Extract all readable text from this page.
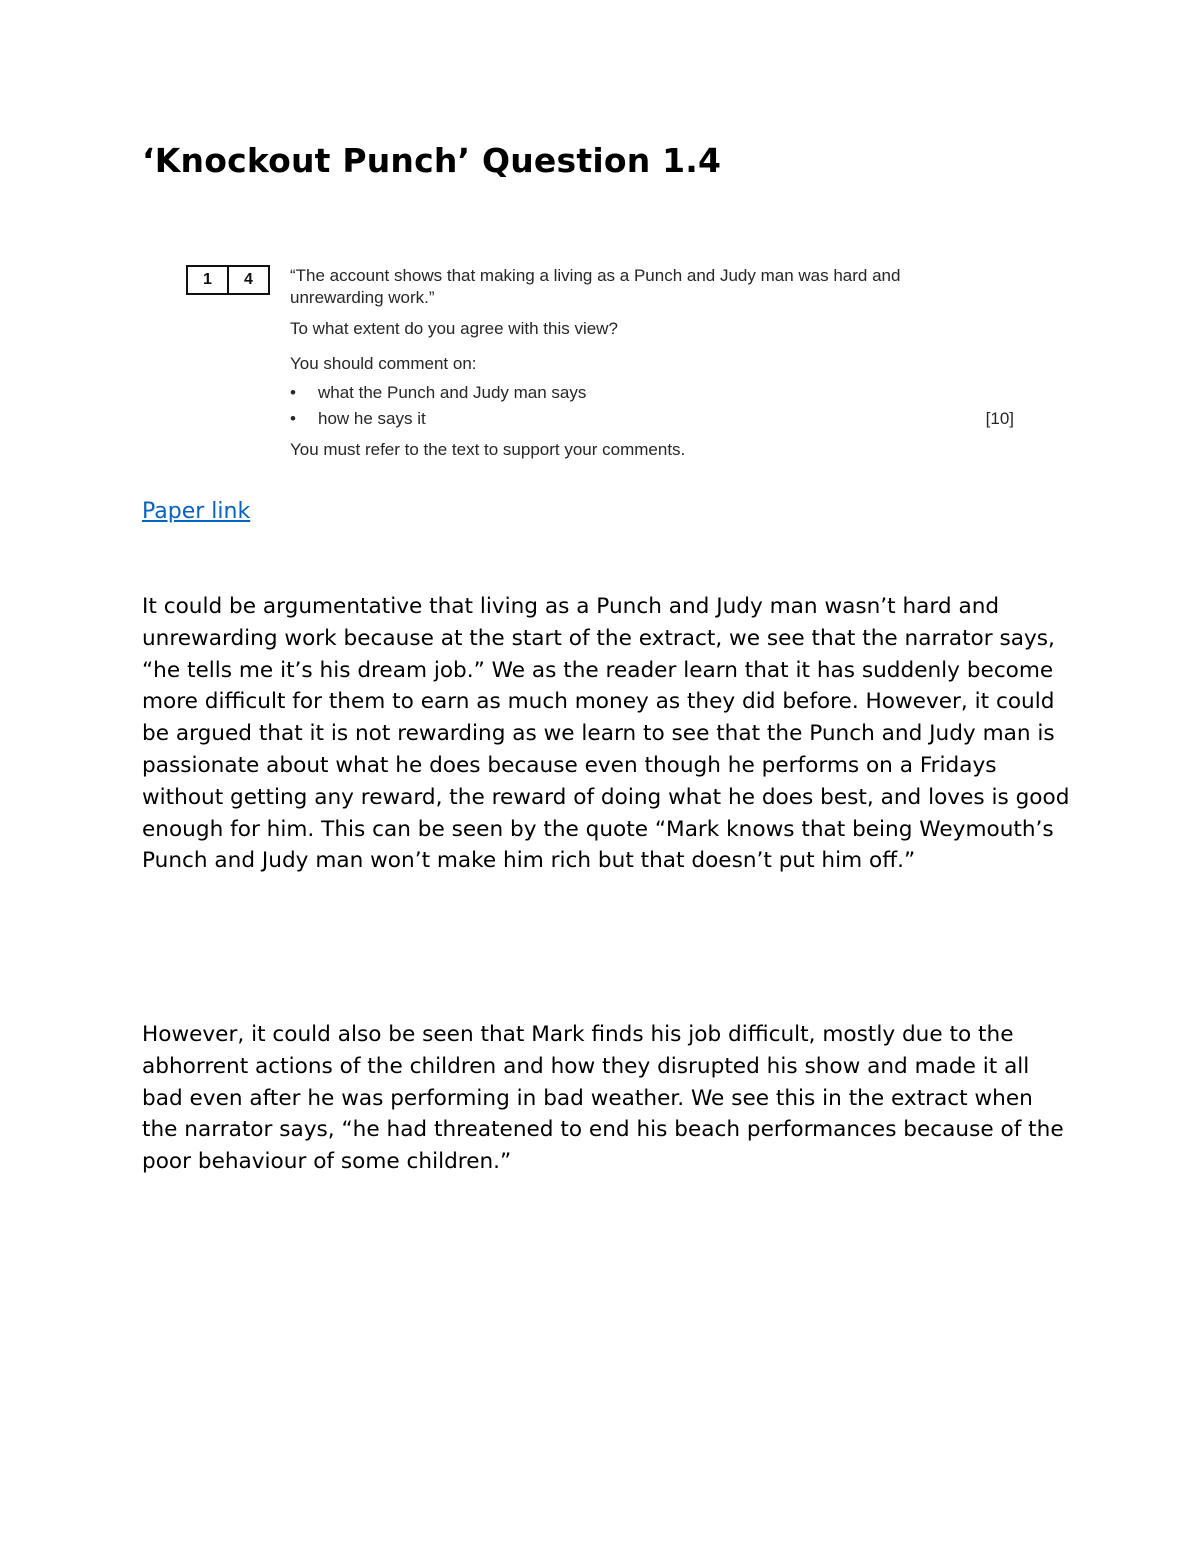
‘Knockout Punch’ Question 1.4
1	4	“The account shows that making a living as a Punch and Judy man was hard and
unrewarding work.”
To what extent do you agree with this view?
You should comment on:
• what the Punch and Judy man says
• how he says it	[10]
You must refer to the text to support your comments.
Paper link

It could be argumentative that living as a Punch and Judy man wasn’t hard and unrewarding work because at the start of the extract, we see that the narrator says, “he tells me it’s his dream job.” We as the reader learn that it has suddenly become more difficult for them to earn as much money as they did before. However, it could be argued that it is not rewarding as we learn to see that the Punch and Judy man is passionate about what he does because even though he performs on a Fridays without getting any reward, the reward of doing what he does best, and loves is good enough for him. This can be seen by the quote “Mark knows that being Weymouth’s Punch and Judy man won’t make him rich but that doesn’t put him off.”

However, it could also be seen that Mark finds his job difficult, mostly due to the abhorrent actions of the children and how they disrupted his show and made it all bad even after he was performing in bad weather. We see this in the extract when the narrator says, “he had threatened to end his beach performances because of the poor behaviour of some children.”
